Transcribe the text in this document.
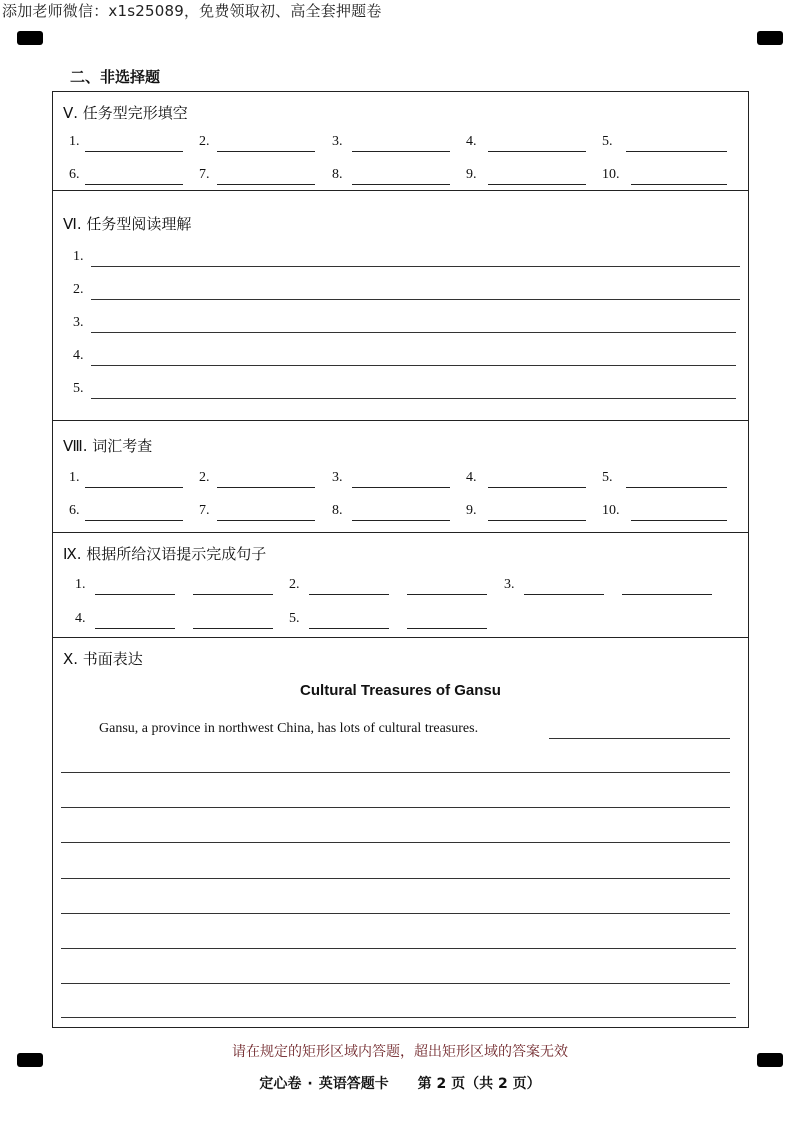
添加老师微信：x1s25089，免费领取初、高全套押题卷
二、非选择题
Ⅴ. 任务型完形填空
1.	2.	3.	4.	5.
6.	7.	8.	9.	10.
Ⅵ. 任务型阅读理解
1.
2.
3.
4.
5.
Ⅷ. 词汇考查
1.	2.	3.	4.	5.
6.	7.	8.	9.	10.
Ⅸ. 根据所给汉语提示完成句子
1.	2.	3.
4.	5.
Ⅹ. 书面表达
Cultural Treasures of Gansu
Gansu, a province in northwest China, has lots of cultural treasures.
请在规定的矩形区域内答题，超出矩形区域的答案无效
定心卷 · 英语答题卡 第 2 页（共 2 页）
